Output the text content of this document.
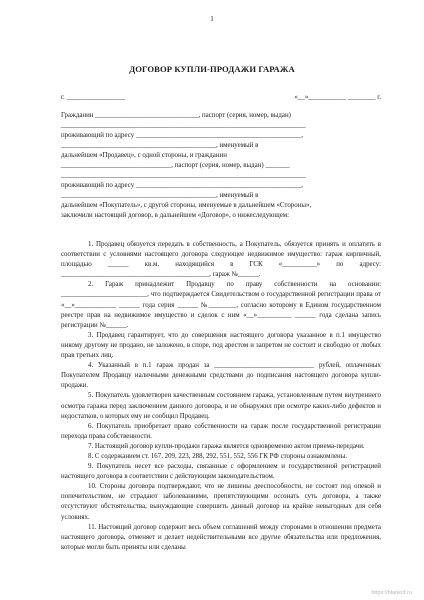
1
ДОГОВОР КУПЛИ-ПРОДАЖИ ГАРАЖА
г. _________________	«__»___________ ________ г.
Гражданин ______________________________, паспорт (серия, номер, выдан)
_______________________________________________________________________
проживающий по адресу ________________________________________________,
_____________________________________________, именуемый в
дальнейшем «Продавец», с одной стороны, и гражданин
________________________________, паспорт (серия, номер, выдан) _______
_______________________________________________________________________
проживающий по адресу ________________________________________________,
_____________________________________________, именуемый в
дальнейшем «Покупатель», с другой стороны, именуемые в дальнейшем «Стороны»,
заключили настоящий договор, в дальнейшем «Договор», о нижеследующем:

1. Продавец обязуется передать в собственность, а Покупатель, обязуется принять и оплатить в соответствии с условиями настоящего договора следующее недвижимое имущество: гараж кирпичный, площадью ______ кв.м, находящийся в ГСК «__________» по адресу: ___________________________________________, гараж №______.

2. Гараж принадлежит Продавцу по праву собственности на основании: _________________________, что подтверждается Свидетельством о государственной регистрации права от «__»____________ ______ года серия ______ №________, согласно которому в Едином государственном реестре прав на недвижимое имущество и сделок с ним «__»__________ ______ года сделана запись регистрации №______.

3. Продавец гарантирует, что до совершения настоящего договора указанное в п.1 имущество никому другому не продано, не заложено, в споре, под арестом и запретом не состоит и свободно от любых прав третьих лиц.

4. Указанный в п.1 гараж продан за _____________________________ рублей, оплаченных Покупателем Продавцу наличными денежными средствами до подписания настоящего договора купли-продажи.

5. Покупатель удовлетворен качественным состоянием гаража, установленным путем внутреннего осмотра гаража перед заключением данного договора, и не обнаружил при осмотре каких-либо дефектов и недостатков, о которых ему не сообщил Продавец.

6. Покупатель приобретает право собственности на гараж после государственной регистрации перехода права собственности.

7. Настоящий договор купли-продажи гаража является одновременно актом приема-передачи.

8. С содержанием ст. 167, 209, 223, 288, 292, 551, 552, 556 ГК РФ стороны ознакомлены.

9. Покупатель несет все расходы, связанные с оформлением и государственной регистрацией настоящего договора в соответствии с действующим законодательством.

10. Стороны договора подтверждают, что не лишены дееспособности, не состоят под опекой и попечительством, не страдают заболеваниями, препятствующими осознать суть договора, а также отсутствуют обстоятельства, вынуждающие совершить данный договор на крайне невыгодных для себя условиях.

11. Настоящий договор содержит весь объем соглашений между сторонами в отношении предмета настоящего договора, отменяет и делает недействительными все другие обязательства или предложения, которые могли быть приняты или сделаны

https://blankof.ru
